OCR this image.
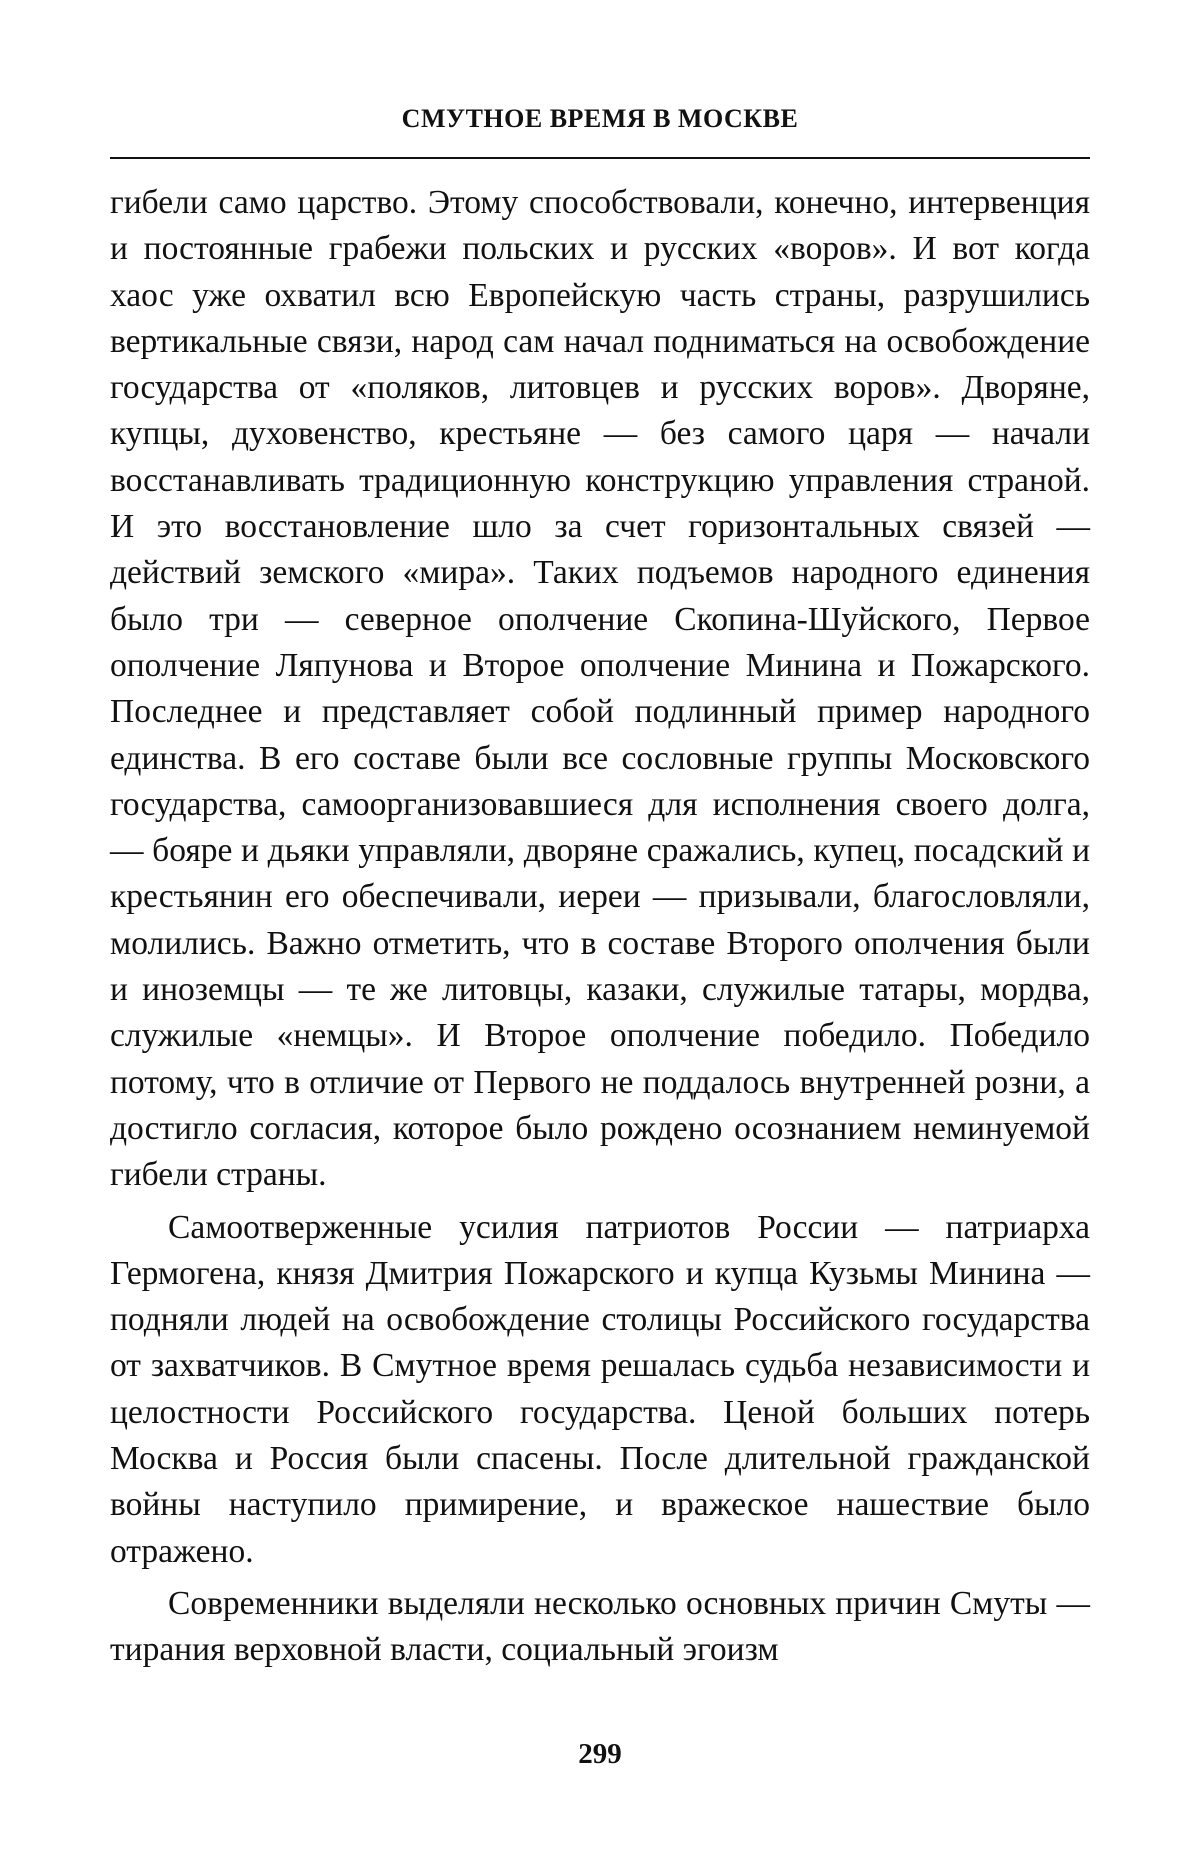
СМУТНОЕ ВРЕМЯ В МОСКВЕ

гибели само царство. Этому способствовали, конечно, интервенция и постоянные грабежи польских и русских «воров». И вот когда хаос уже охватил всю Европейскую часть страны, разрушились вертикальные связи, народ сам начал подниматься на освобождение государства от «поляков, литовцев и русских воров». Дворяне, купцы, духовенство, крестьяне — без самого царя — начали восстанавливать традиционную конструкцию управления страной. И это восстановление шло за счет горизонтальных связей — действий земского «мира». Таких подъемов народного единения было три — северное ополчение Скопина-Шуйского, Первое ополчение Ляпунова и Второе ополчение Минина и Пожарского. Последнее и представляет собой подлинный пример народного единства. В его составе были все сословные группы Московского государства, самоорганизовавшиеся для исполнения своего долга, — бояре и дьяки управляли, дворяне сражались, купец, посадский и крестьянин его обеспечивали, иереи — призывали, благословляли, молились. Важно отметить, что в составе Второго ополчения были и иноземцы — те же литовцы, казаки, служилые татары, мордва, служилые «немцы». И Второе ополчение победило. Победило потому, что в отличие от Первого не поддалось внутренней розни, а достигло согласия, которое было рождено осознанием неминуемой гибели страны.

Самоотверженные усилия патриотов России — патриарха Гермогена, князя Дмитрия Пожарского и купца Кузьмы Минина — подняли людей на освобождение столицы Российского государства от захватчиков. В Смутное время решалась судьба независимости и целостности Российского государства. Ценой больших потерь Москва и Россия были спасены. После длительной гражданской войны наступило примирение, и вражеское нашествие было отражено.

Современники выделяли несколько основных причин Смуты — тирания верховной власти, социальный эгоизм

299
